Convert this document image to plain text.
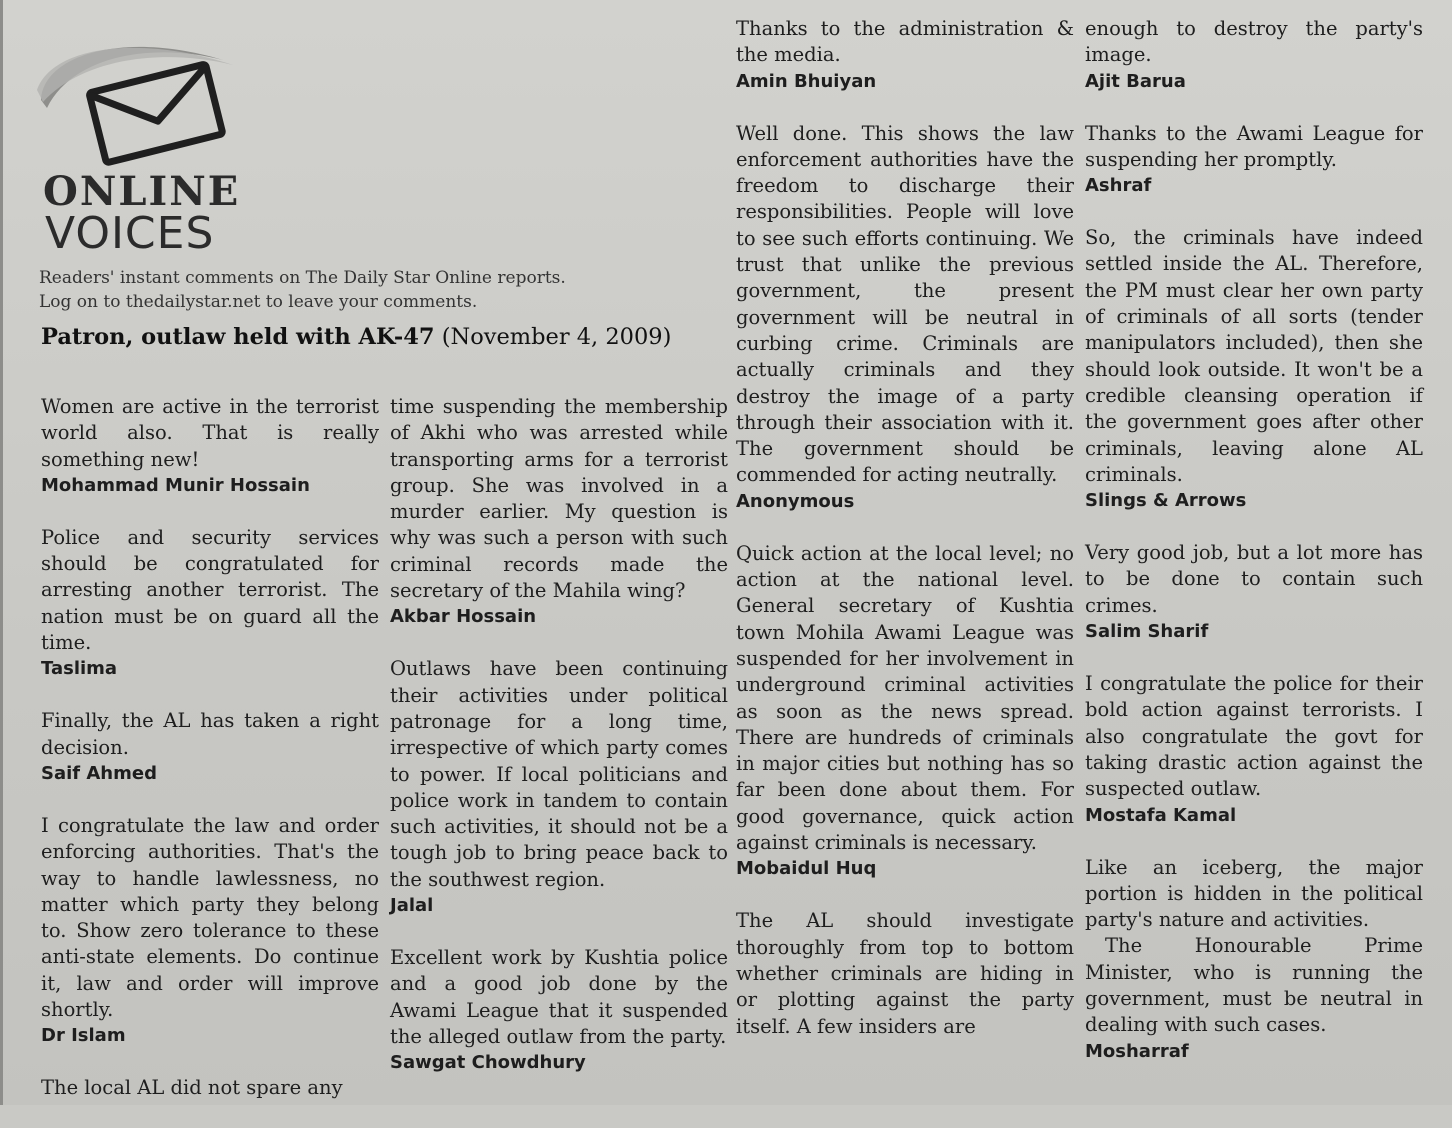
ONLINE
VOICES
Readers' instant comments on The Daily Star Online reports.
Log on to thedailystar.net to leave your comments.
Patron, outlaw held with AK-47 (November 4, 2009)
Women are active in the terrorist world also. That is really something new!
Mohammad Munir Hossain
Police and security services should be congratulated for arresting another terrorist. The nation must be on guard all the time.
Taslima
Finally, the AL has taken a right decision.
Saif Ahmed
I congratulate the law and order enforcing authorities. That's the way to handle lawlessness, no matter which party they belong to. Show zero tolerance to these anti-state elements. Do continue it, law and order will improve shortly.
Dr Islam
The local AL did not spare any
time suspending the membership of Akhi who was arrested while transporting arms for a terrorist group. She was involved in a murder earlier. My question is why was such a person with such criminal records made the secretary of the Mahila wing?
Akbar Hossain
Outlaws have been continuing their activities under political patronage for a long time, irrespective of which party comes to power. If local politicians and police work in tandem to contain such activities, it should not be a tough job to bring peace back to the southwest region.
Jalal
Excellent work by Kushtia police and a good job done by the Awami League that it suspended the alleged outlaw from the party.
Sawgat Chowdhury
Thanks to the administration & the media.
Amin Bhuiyan
Well done. This shows the law enforcement authorities have the freedom to discharge their responsibilities. People will love to see such efforts continuing. We trust that unlike the previous government, the present government will be neutral in curbing crime. Criminals are actually criminals and they destroy the image of a party through their association with it. The government should be commended for acting neutrally.
Anonymous
Quick action at the local level; no action at the national level. General secretary of Kushtia town Mohila Awami League was suspended for her involvement in underground criminal activities as soon as the news spread. There are hundreds of criminals in major cities but nothing has so far been done about them. For good governance, quick action against criminals is necessary.
Mobaidul Huq
The AL should investigate thoroughly from top to bottom whether criminals are hiding in or plotting against the party itself. A few insiders are
enough to destroy the party's image.
Ajit Barua
Thanks to the Awami League for suspending her promptly.
Ashraf
So, the criminals have indeed settled inside the AL. Therefore, the PM must clear her own party of criminals of all sorts (tender manipulators included), then she should look outside. It won't be a credible cleansing operation if the government goes after other criminals, leaving alone AL criminals.
Slings & Arrows
Very good job, but a lot more has to be done to contain such crimes.
Salim Sharif
I congratulate the police for their bold action against terrorists. I also congratulate the govt for taking drastic action against the suspected outlaw.
Mostafa Kamal
Like an iceberg, the major portion is hidden in the political party's nature and activities.
The Honourable Prime Minister, who is running the government, must be neutral in dealing with such cases.
Mosharraf
